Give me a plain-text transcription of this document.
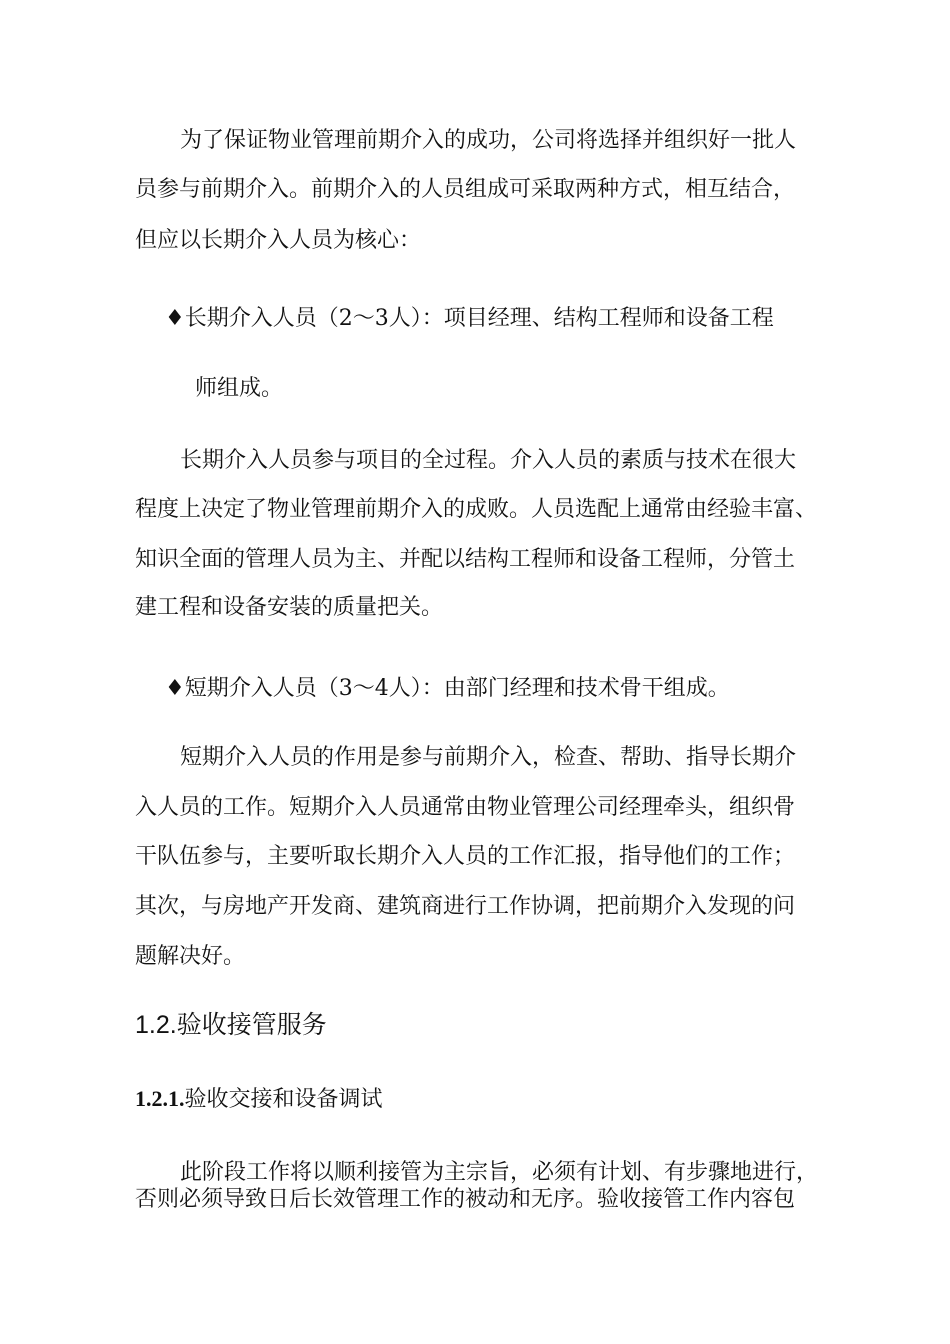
为了保证物业管理前期介入的成功，公司将选择并组织好一批人
员参与前期介入。前期介入的人员组成可采取两种方式，相互结合，
但应以长期介入人员为核心：
♦长期介入人员（2〜3人）：项目经理、结构工程师和设备工程
师组成。
长期介入人员参与项目的全过程。介入人员的素质与技术在很大
程度上决定了物业管理前期介入的成败。人员选配上通常由经验丰富、
知识全面的管理人员为主、并配以结构工程师和设备工程师，分管土
建工程和设备安装的质量把关。
♦短期介入人员（3〜4人）：由部门经理和技术骨干组成。
短期介入人员的作用是参与前期介入，检查、帮助、指导长期介
入人员的工作。短期介入人员通常由物业管理公司经理牵头，组织骨
干队伍参与，主要听取长期介入人员的工作汇报，指导他们的工作；
其次，与房地产开发商、建筑商进行工作协调，把前期介入发现的问
题解决好。
1.2.验收接管服务
1.2.1.验收交接和设备调试
此阶段工作将以顺利接管为主宗旨，必须有计划、有步骤地进行，
否则必须导致日后长效管理工作的被动和无序。验收接管工作内容包
